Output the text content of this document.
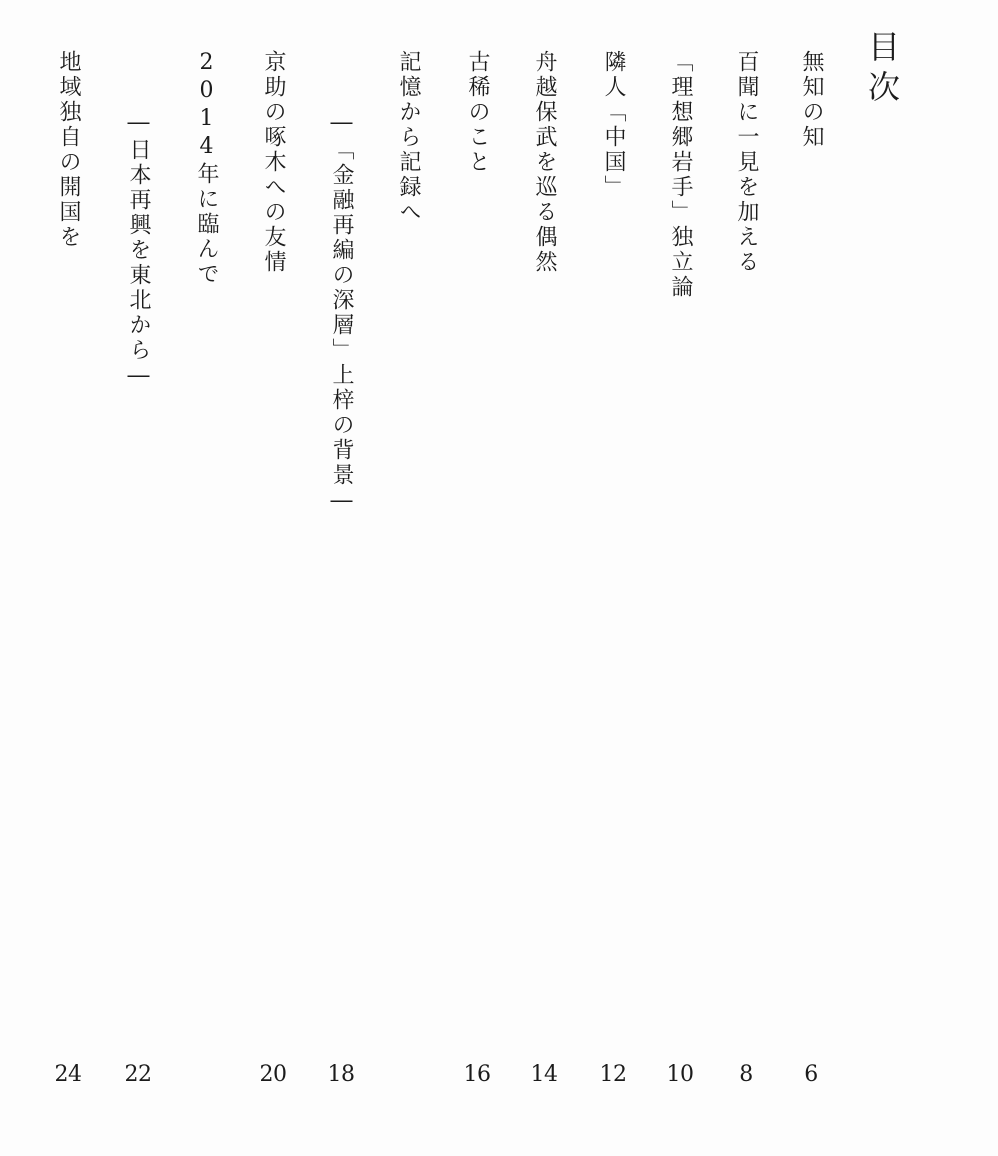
目次
無知の知
6
百聞に一見を加える
8
「理想郷岩手」独立論
10
隣人「中国」
12
舟越保武を巡る偶然
14
古稀のこと
16
記憶から記録へ
―「金融再編の深層」上梓の背景―
18
京助の啄木への友情
20
2014年に臨んで
―日本再興を東北から―
22
地域独自の開国を
24
